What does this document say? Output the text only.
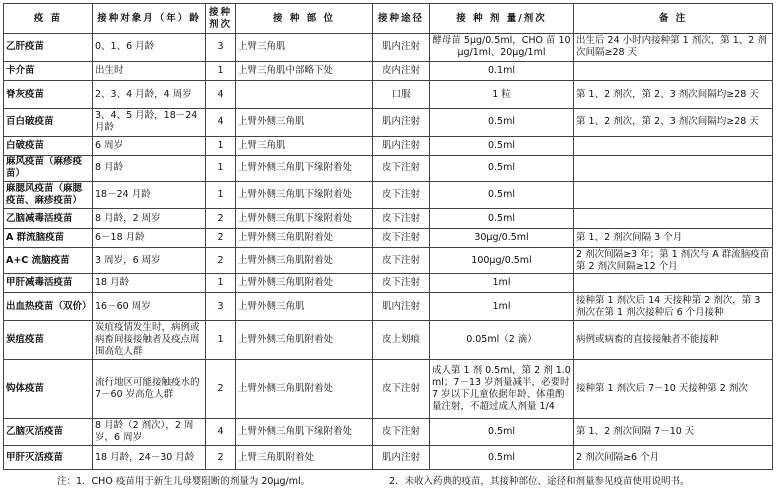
疫 苗	接种对象月（年）龄	接种剂次	接 种 部 位	接种途径	接 种 剂 量/剂次	备 注
乙肝疫苗	0、1、6 月龄	3	上臂三角肌	肌内注射	酵母苗 5μg/0.5ml，CHO 苗 10μg/1ml、20μg/1ml	出生后 24 小时内接种第 1 剂次，第 1、2 剂次间隔≥28 天
卡介苗	出生时	1	上臂三角肌中部略下处	皮内注射	0.1ml	
脊灰疫苗	2、3、4 月龄，4 周岁	4		口服	1 粒	第 1、2 剂次，第 2、3 剂次间隔均≥28 天
百白破疫苗	3、4、5 月龄，18－24 月龄	4	上臂外侧三角肌	肌内注射	0.5ml	第 1、2 剂次，第 2、3 剂次间隔均≥28 天
白破疫苗	6 周岁	1	上臂三角肌	肌内注射	0.5ml	
麻风疫苗（麻疹疫苗）	8 月龄	1	上臂外侧三角肌下缘附着处	皮下注射	0.5ml	
麻腮风疫苗（麻腮疫苗、麻疹疫苗）	18－24 月龄	1	上臂外侧三角肌下缘附着处	皮下注射	0.5ml	
乙脑减毒活疫苗	8 月龄，2 周岁	2	上臂外侧三角肌下缘附着处	皮下注射	0.5ml	
A 群流脑疫苗	6－18 月龄	2	上臂外侧三角肌附着处	皮下注射	30μg/0.5ml	第 1、2 剂次间隔 3 个月
A+C 流脑疫苗	3 周岁，6 周岁	2	上臂外侧三角肌附着处	皮下注射	100μg/0.5ml	2 剂次间隔≥3 年；第 1 剂次与 A 群流脑疫苗第 2 剂次间隔≥12 个月
甲肝减毒活疫苗	18 月龄	1	上臂外侧三角肌附着处	皮下注射	1ml	
出血热疫苗（双价）	16－60 周岁	3	上臂外侧三角肌	肌内注射	1ml	接种第 1 剂次后 14 天接种第 2 剂次，第 3 剂次在第 1 剂次接种后 6 个月接种
炭疽疫苗	炭疽疫情发生时，病例或病畜间接接触者及疫点周围高危人群	1	上臂外侧三角肌附着处	皮上划痕	0.05ml（2 滴）	病例或病畜的直接接触者不能接种
钩体疫苗	流行地区可能接触疫水的 7－60 岁高危人群	2	上臂外侧三角肌附着处	皮下注射	成人第 1 剂 0.5ml，第 2 剂 1.0ml；7－13 岁剂量减半，必要时 7 岁以下儿童依据年龄、体重酌量注射，不超过成人剂量 1/4	接种第 1 剂次后 7－10 天接种第 2 剂次
乙脑灭活疫苗	8 月龄（2 剂次），2 周岁，6 周岁	4	上臂外侧三角肌下缘附着处	皮下注射	0.5ml	第 1、2 剂次间隔 7－10 天
甲肝灭活疫苗	18 月龄，24－30 月龄	2	上臂三角肌附着处	肌内注射	0.5ml	2 剂次间隔≥6 个月
注：1．CHO 疫苗用于新生儿母婴阻断的剂量为 20μg/ml。	2．未收入药典的疫苗，其接种部位、途径和剂量参见疫苗使用说明书。
